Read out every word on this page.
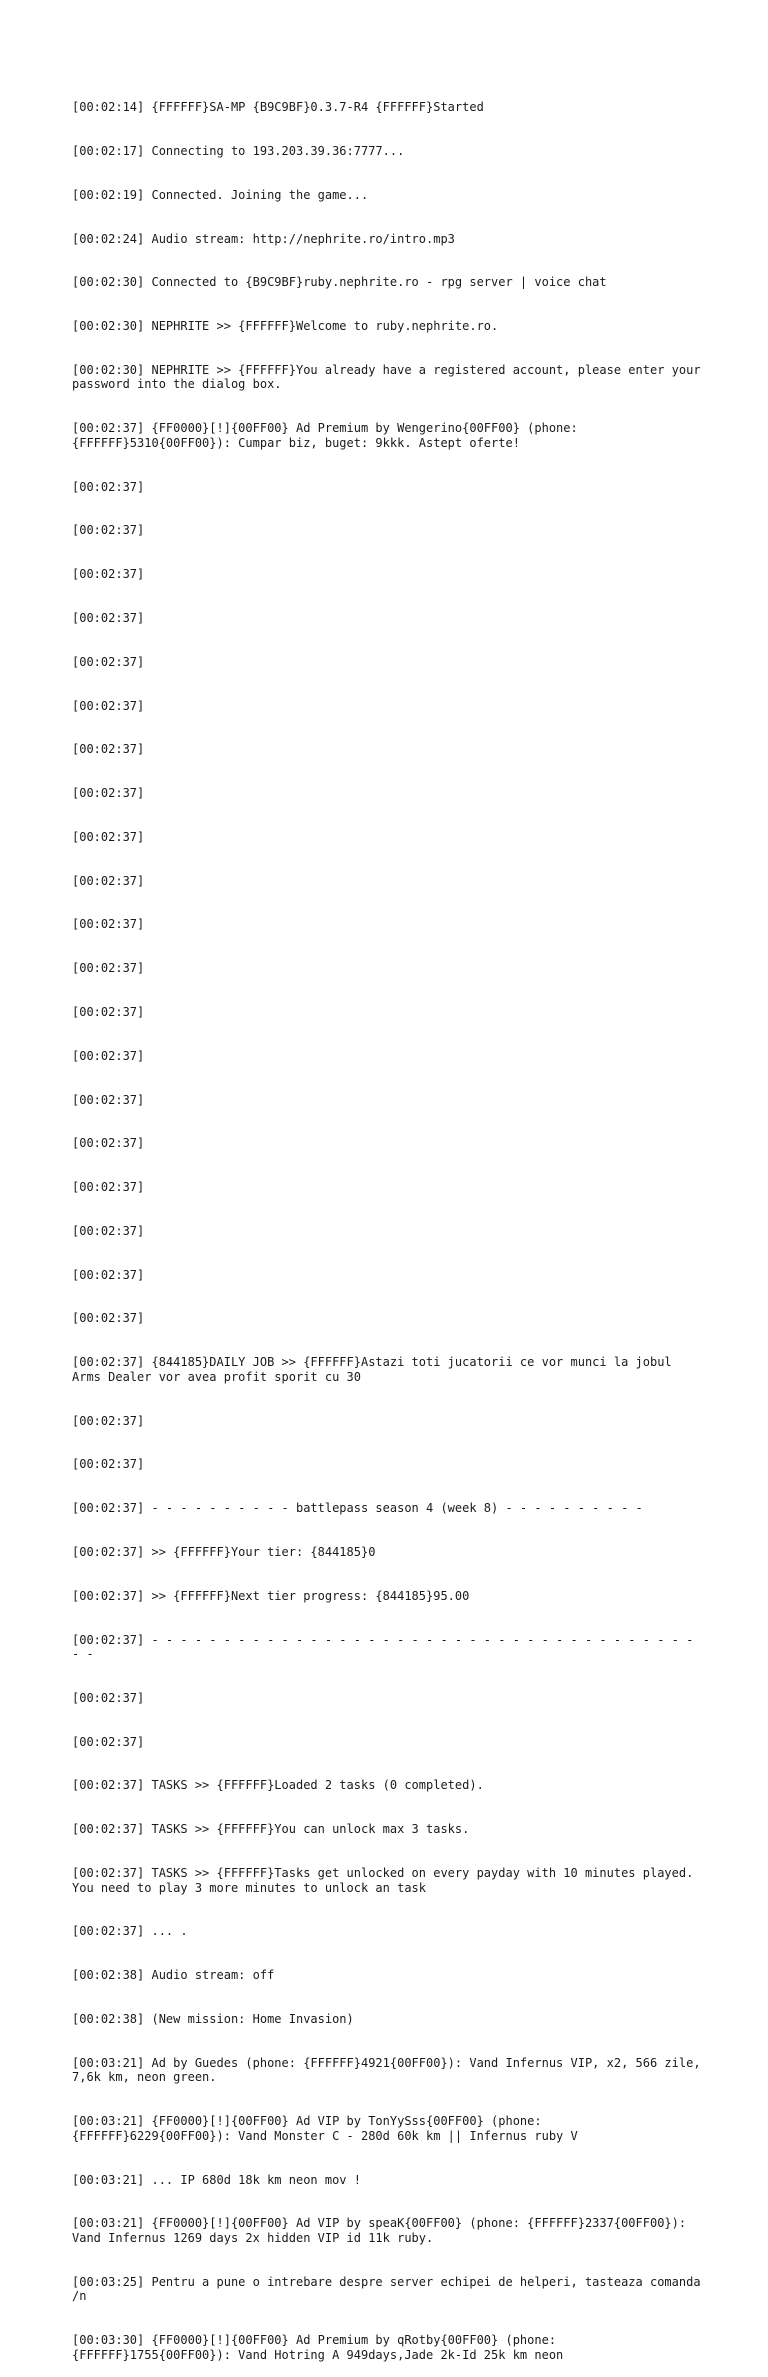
[00:02:14] {FFFFFF}SA-MP {B9C9BF}0.3.7-R4 {FFFFFF}Started

[00:02:17] Connecting to 193.203.39.36:7777...

[00:02:19] Connected. Joining the game...

[00:02:24] Audio stream: http://nephrite.ro/intro.mp3

[00:02:30] Connected to {B9C9BF}ruby.nephrite.ro - rpg server | voice chat

[00:02:30] NEPHRITE >> {FFFFFF}Welcome to ruby.nephrite.ro.

[00:02:30] NEPHRITE >> {FFFFFF}You already have a registered account, please enter your password into the dialog box.

[00:02:37] {FF0000}[!]{00FF00} Ad Premium by Wengerino{00FF00} (phone: {FFFFFF}5310{00FF00}): Cumpar biz, buget: 9kkk. Astept oferte!

[00:02:37]

[00:02:37]

[00:02:37]

[00:02:37]

[00:02:37]

[00:02:37]

[00:02:37]

[00:02:37]

[00:02:37]

[00:02:37]

[00:02:37]

[00:02:37]

[00:02:37]

[00:02:37]

[00:02:37]

[00:02:37]

[00:02:37]

[00:02:37]

[00:02:37]

[00:02:37]

[00:02:37] {844185}DAILY JOB >> {FFFFFF}Astazi toti jucatorii ce vor munci la jobul Arms Dealer vor avea profit sporit cu 30

[00:02:37]

[00:02:37]

[00:02:37] - - - - - - - - - - battlepass season 4 (week 8) - - - - - - - - - -

[00:02:37] >> {FFFFFF}Your tier: {844185}0

[00:02:37] >> {FFFFFF}Next tier progress: {844185}95.00

[00:02:37] - - - - - - - - - - - - - - - - - - - - - - - - - - - - - - - - - - - - - - - -

[00:02:37]

[00:02:37]

[00:02:37] TASKS >> {FFFFFF}Loaded 2 tasks (0 completed).

[00:02:37] TASKS >> {FFFFFF}You can unlock max 3 tasks.

[00:02:37] TASKS >> {FFFFFF}Tasks get unlocked on every payday with 10 minutes played. You need to play 3 more minutes to unlock an task

[00:02:37] ... .

[00:02:38] Audio stream: off

[00:02:38] (New mission: Home Invasion)

[00:03:21] Ad by Guedes (phone: {FFFFFF}4921{00FF00}): Vand Infernus VIP, x2, 566 zile, 7,6k km, neon green.

[00:03:21] {FF0000}[!]{00FF00} Ad VIP by TonYySss{00FF00} (phone: {FFFFFF}6229{00FF00}): Vand Monster C - 280d 60k km || Infernus ruby V

[00:03:21] ... IP 680d 18k km neon mov !

[00:03:21] {FF0000}[!]{00FF00} Ad VIP by speaK{00FF00} (phone: {FFFFFF}2337{00FF00}): Vand Infernus 1269 days 2x hidden VIP id 11k ruby.

[00:03:25] Pentru a pune o intrebare despre server echipei de helperi, tasteaza comanda /n

[00:03:30] {FF0000}[!]{00FF00} Ad Premium by qRotby{00FF00} (phone: {FFFFFF}1755{00FF00}): Vand Hotring A 949days,Jade 2k-Id 25k km neon
